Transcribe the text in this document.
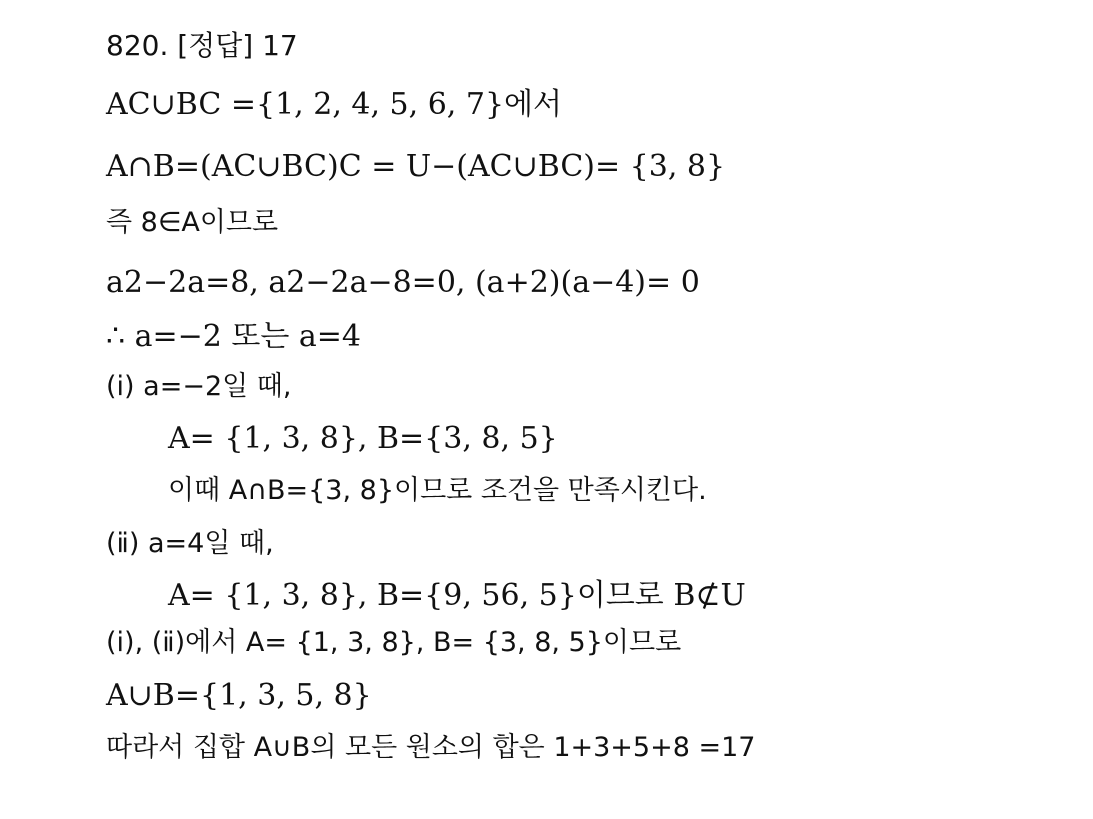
820. [정답] 17
AC∪BC ={1, 2, 4, 5, 6, 7}에서
A∩B=(AC∪BC)C = U−(AC∪BC)= {3, 8}
즉 8∈A이므로
a2−2a=8, a2−2a−8=0, (a+2)(a−4)= 0
∴ a=−2 또는 a=4
(ⅰ) a=−2일 때,
A= {1, 3, 8}, B={3, 8, 5}
이때 A∩B={3, 8}이므로 조건을 만족시킨다.
(ⅱ) a=4일 때,
A= {1, 3, 8}, B={9, 56, 5}이므로 B⊄U
(ⅰ), (ⅱ)에서 A= {1, 3, 8}, B= {3, 8, 5}이므로
A∪B={1, 3, 5, 8}
따라서 집합 A∪B의 모든 원소의 합은 1+3+5+8 =17
